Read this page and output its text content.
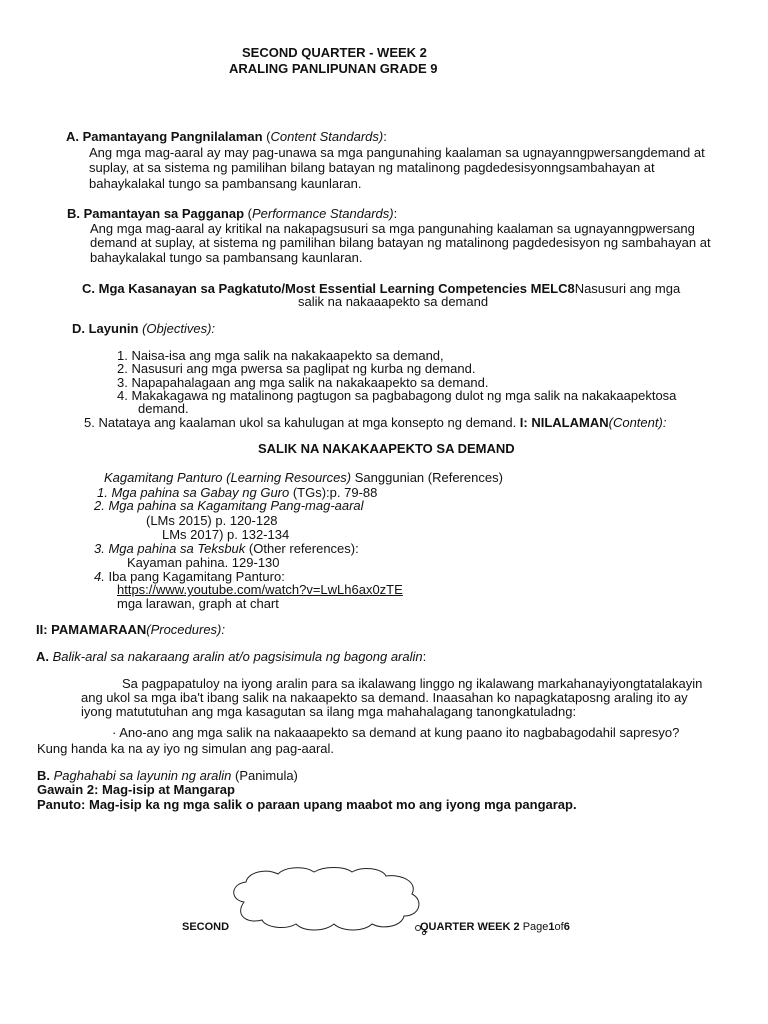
SECOND QUARTER - WEEK 2
ARALING PANLIPUNAN GRADE 9
A. Pamantayang Pangnilalaman (Content Standards):
Ang mga mag-aaral ay may pag-unawa sa mga pangunahing kaalaman sa ugnayanngpwersangdemand at
suplay, at sa sistema ng pamilihan bilang batayan ng matalinong pagdedesisyonngsambahayan at
bahaykalakal tungo sa pambansang kaunlaran.
B. Pamantayan sa Pagganap (Performance Standards):
Ang mga mag-aaral ay kritikal na nakapagsusuri sa mga pangunahing kaalaman sa ugnayanngpwersang
demand at suplay, at sistema ng pamilihan bilang batayan ng matalinong pagdedesisyon ng sambahayan at
bahaykalakal tungo sa pambansang kaunlaran.
C. Mga Kasanayan sa Pagkatuto/Most Essential Learning Competencies MELC8Nasusuri ang mga
salik na nakaaapekto sa demand
D. Layunin (Objectives):
1. Naisa-isa ang mga salik na nakakaapekto sa demand,
2. Nasusuri ang mga pwersa sa paglipat ng kurba ng demand.
3. Napapahalagaan ang mga salik na nakakaapekto sa demand.
4. Makakagawa ng matalinong pagtugon sa pagbabagong dulot ng mga salik na nakakaapektosa
demand.
5. Natataya ang kaalaman ukol sa kahulugan at mga konsepto ng demand. I: NILALAMAN(Content):
SALIK NA NAKAKAAPEKTO SA DEMAND
Kagamitang Panturo (Learning Resources) Sanggunian (References)
1. Mga pahina sa Gabay ng Guro (TGs):p. 79-88
2. Mga pahina sa Kagamitang Pang-mag-aaral
(LMs 2015) p. 120-128
LMs 2017) p. 132-134
3. Mga pahina sa Teksbuk (Other references):
Kayaman pahina. 129-130
4. Iba pang Kagamitang Panturo:
https://www.youtube.com/watch?v=LwLh6ax0zTE
mga larawan, graph at chart
II: PAMAMARAAN(Procedures):
A. Balik-aral sa nakaraang aralin at/o pagsisimula ng bagong aralin:
Sa pagpapatuloy na iyong aralin para sa ikalawang linggo ng ikalawang markahanayiyongtatalakayin
ang ukol sa mga iba't ibang salik na nakaapekto sa demand. Inaasahan ko napagkataposng araling ito ay
iyong matututuhan ang mga kasagutan sa ilang mga mahahalagang tanongkatuladng:
· Ano-ano ang mga salik na nakaaapekto sa demand at kung paano ito nagbabagodahil sapresyo?
Kung handa ka na ay iyo ng simulan ang pag-aaral.
B. Paghahabi sa layunin ng aralin (Panimula)
Gawain 2: Mag-isip at Mangarap
Panuto: Mag-isip ka ng mga salik o paraan upang maabot mo ang iyong mga pangarap.
SECOND	QUARTER WEEK 2 Page1of6
